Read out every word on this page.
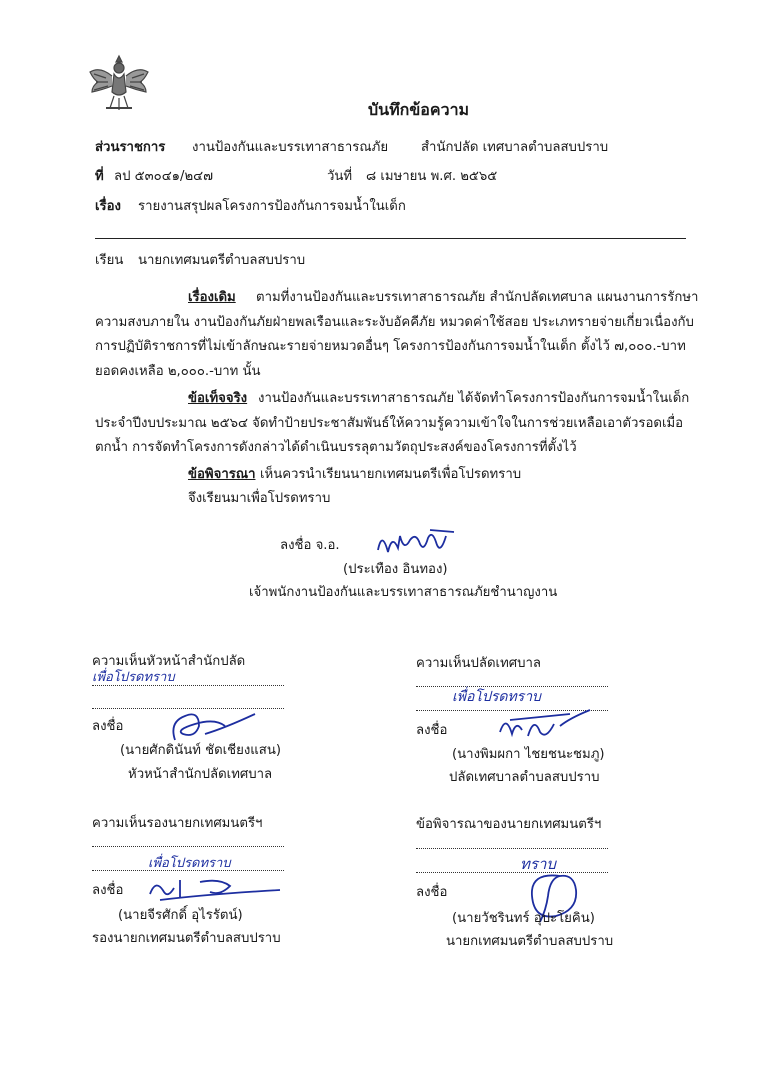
บันทึกข้อความ
ส่วนราชการ งานป้องกันและบรรเทาสาธารณภัย สำนักปลัด เทศบาลตำบลสบปราบ
ที่ ลป ๕๓๐๔๑/๒๔๗	วันที่ ๘ เมษายน พ.ศ. ๒๕๖๕
เรื่อง รายงานสรุปผลโครงการป้องกันการจมน้ำในเด็ก
เรียน นายกเทศมนตรีตำบลสบปราบ
เรื่องเดิม ตามที่งานป้องกันและบรรเทาสาธารณภัย สำนักปลัดเทศบาล แผนงานการรักษา
ความสงบภายใน งานป้องกันภัยฝ่ายพลเรือนและระงับอัคคีภัย หมวดค่าใช้สอย ประเภทรายจ่ายเกี่ยวเนื่องกับ
การปฏิบัติราชการที่ไม่เข้าลักษณะรายจ่ายหมวดอื่นๆ โครงการป้องกันการจมน้ำในเด็ก ตั้งไว้ ๗,๐๐๐.-บาท
ยอดคงเหลือ ๒,๐๐๐.-บาท นั้น
ข้อเท็จจริง งานป้องกันและบรรเทาสาธารณภัย ได้จัดทำโครงการป้องกันการจมน้ำในเด็ก
ประจำปีงบประมาณ ๒๕๖๔ จัดทำป้ายประชาสัมพันธ์ให้ความรู้ความเข้าใจในการช่วยเหลือเอาตัวรอดเมื่อ
ตกน้ำ การจัดทำโครงการดังกล่าวได้ดำเนินบรรลุตามวัตถุประสงค์ของโครงการที่ตั้งไว้
ข้อพิจารณา เห็นควรนำเรียนนายกเทศมนตรีเพื่อโปรดทราบ
จึงเรียนมาเพื่อโปรดทราบ
ลงชื่อ จ.อ.
(ประเทือง อินทอง)
เจ้าพนักงานป้องกันและบรรเทาสาธารณภัยชำนาญงาน
ความเห็นหัวหน้าสำนักปลัด
เพื่อโปรดทราบ
ลงชื่อ
(นายศักดินันท์ ชัดเชียงแสน)
หัวหน้าสำนักปลัดเทศบาล
ความเห็นปลัดเทศบาล
เพื่อโปรดทราบ
ลงชื่อ
(นางพิมผกา ไชยชนะชมภู)
ปลัดเทศบาลตำบลสบปราบ
ความเห็นรองนายกเทศมนตรีฯ
เพื่อโปรดทราบ
ลงชื่อ
(นายจีรศักดิ์ อุไรรัตน์)
รองนายกเทศมนตรีตำบลสบปราบ
ข้อพิจารณาของนายกเทศมนตรีฯ
ทราบ
ลงชื่อ
(นายวัชรินทร์ อุปะโยคิน)
นายกเทศมนตรีตำบลสบปราบ
